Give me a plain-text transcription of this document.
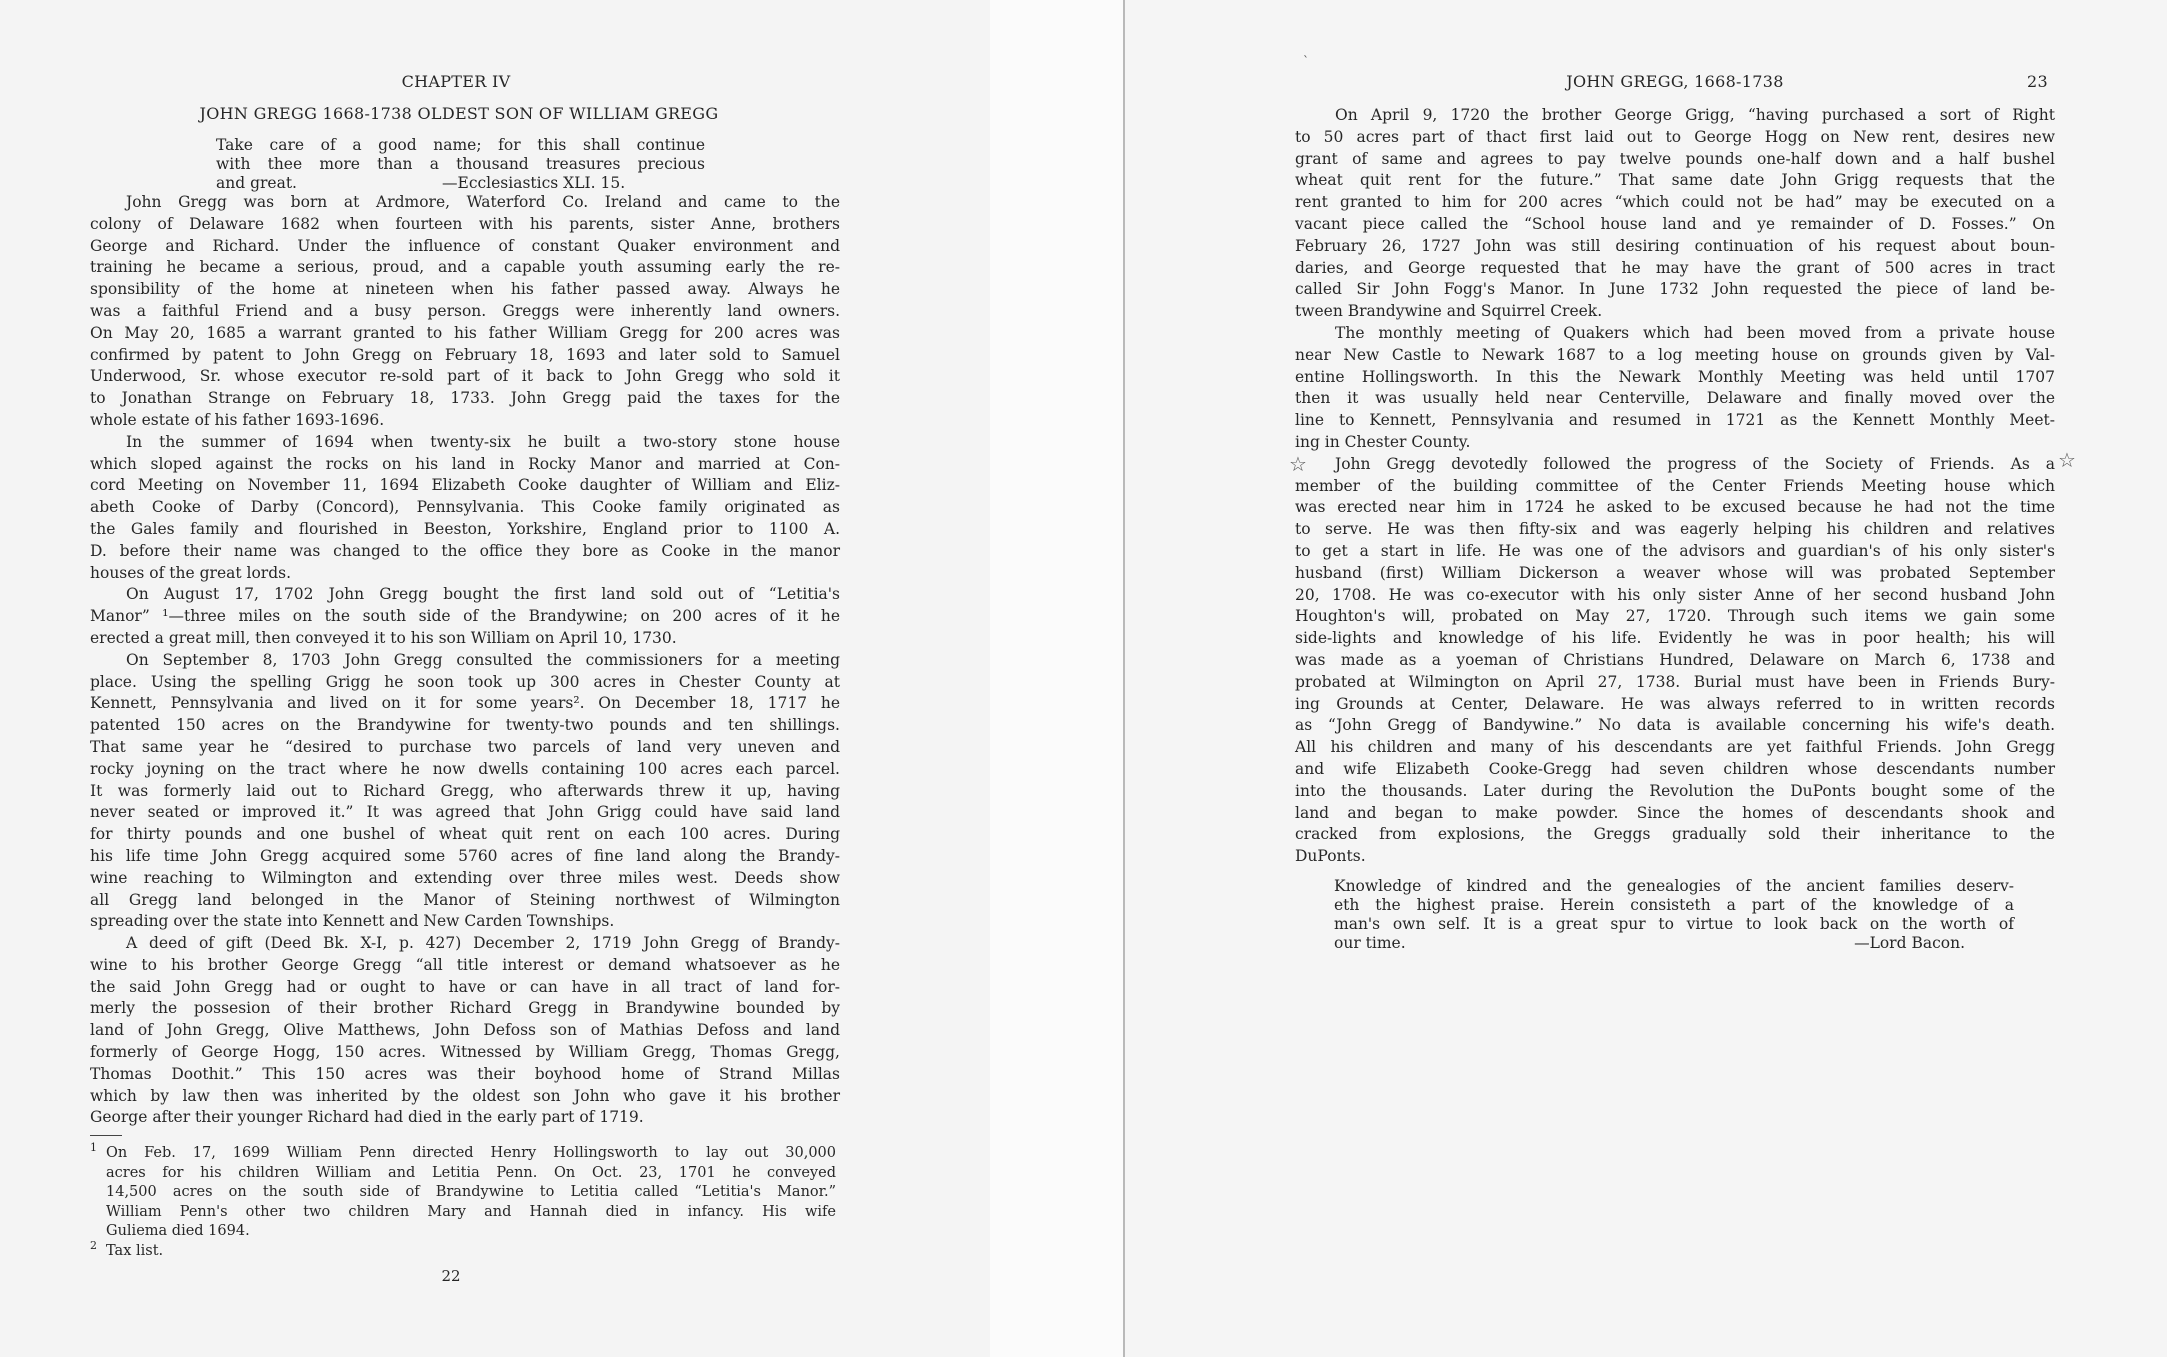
CHAPTER IV
JOHN GREGG 1668-1738 OLDEST SON OF WILLIAM GREGG
Take care of a good name; for this shall continue
with thee more than a thousand treasures precious
and great.	—Ecclesiastics XLI. 15.
John Gregg was born at Ardmore, Waterford Co. Ireland and came to the
colony of Delaware 1682 when fourteen with his parents, sister Anne, brothers
George and Richard. Under the influence of constant Quaker environment and
training he became a serious, proud, and a capable youth assuming early the re-
sponsibility of the home at nineteen when his father passed away. Always he
was a faithful Friend and a busy person. Greggs were inherently land owners.
On May 20, 1685 a warrant granted to his father William Gregg for 200 acres was
confirmed by patent to John Gregg on February 18, 1693 and later sold to Samuel
Underwood, Sr. whose executor re-sold part of it back to John Gregg who sold it
to Jonathan Strange on February 18, 1733. John Gregg paid the taxes for the
whole estate of his father 1693-1696.
In the summer of 1694 when twenty-six he built a two-story stone house
which sloped against the rocks on his land in Rocky Manor and married at Con-
cord Meeting on November 11, 1694 Elizabeth Cooke daughter of William and Eliz-
abeth Cooke of Darby (Concord), Pennsylvania. This Cooke family originated as
the Gales family and flourished in Beeston, Yorkshire, England prior to 1100 A.
D. before their name was changed to the office they bore as Cooke in the manor
houses of the great lords.
On August 17, 1702 John Gregg bought the first land sold out of “Letitia's
Manor” ¹—three miles on the south side of the Brandywine; on 200 acres of it he
erected a great mill, then conveyed it to his son William on April 10, 1730.
On September 8, 1703 John Gregg consulted the commissioners for a meeting
place. Using the spelling Grigg he soon took up 300 acres in Chester County at
Kennett, Pennsylvania and lived on it for some years². On December 18, 1717 he
patented 150 acres on the Brandywine for twenty-two pounds and ten shillings.
That same year he “desired to purchase two parcels of land very uneven and
rocky joyning on the tract where he now dwells containing 100 acres each parcel.
It was formerly laid out to Richard Gregg, who afterwards threw it up, having
never seated or improved it.” It was agreed that John Grigg could have said land
for thirty pounds and one bushel of wheat quit rent on each 100 acres. During
his life time John Gregg acquired some 5760 acres of fine land along the Brandy-
wine reaching to Wilmington and extending over three miles west. Deeds show
all Gregg land belonged in the Manor of Steining northwest of Wilmington
spreading over the state into Kennett and New Carden Townships.
A deed of gift (Deed Bk. X-I, p. 427) December 2, 1719 John Gregg of Brandy-
wine to his brother George Gregg “all title interest or demand whatsoever as he
the said John Gregg had or ought to have or can have in all tract of land for-
merly the possesion of their brother Richard Gregg in Brandywine bounded by
land of John Gregg, Olive Matthews, John Defoss son of Mathias Defoss and land
formerly of George Hogg, 150 acres. Witnessed by William Gregg, Thomas Gregg,
Thomas Doothit.” This 150 acres was their boyhood home of Strand Millas
which by law then was inherited by the oldest son John who gave it his brother
George after their younger Richard had died in the early part of 1719.
1 On Feb. 17, 1699 William Penn directed Henry Hollingsworth to lay out 30,000
acres for his children William and Letitia Penn. On Oct. 23, 1701 he conveyed
14,500 acres on the south side of Brandywine to Letitia called “Letitia's Manor.”
William Penn's other two children Mary and Hannah died in infancy. His wife
Guliema died 1694.
2 Tax list.
22
`
JOHN GREGG, 1668-1738	23
On April 9, 1720 the brother George Grigg, “having purchased a sort of Right
to 50 acres part of thact first laid out to George Hogg on New rent, desires new
grant of same and agrees to pay twelve pounds one-half down and a half bushel
wheat quit rent for the future.” That same date John Grigg requests that the
rent granted to him for 200 acres “which could not be had” may be executed on a
vacant piece called the “School house land and ye remainder of D. Fosses.” On
February 26, 1727 John was still desiring continuation of his request about boun-
daries, and George requested that he may have the grant of 500 acres in tract
called Sir John Fogg's Manor. In June 1732 John requested the piece of land be-
tween Brandywine and Squirrel Creek.
The monthly meeting of Quakers which had been moved from a private house
near New Castle to Newark 1687 to a log meeting house on grounds given by Val-
entine Hollingsworth. In this the Newark Monthly Meeting was held until 1707
then it was usually held near Centerville, Delaware and finally moved over the
line to Kennett, Pennsylvania and resumed in 1721 as the Kennett Monthly Meet-
ing in Chester County.
John Gregg devotedly followed the progress of the Society of Friends. As a
member of the building committee of the Center Friends Meeting house which
was erected near him in 1724 he asked to be excused because he had not the time
to serve. He was then fifty-six and was eagerly helping his children and relatives
to get a start in life. He was one of the advisors and guardian's of his only sister's
husband (first) William Dickerson a weaver whose will was probated September
20, 1708. He was co-executor with his only sister Anne of her second husband John
Houghton's will, probated on May 27, 1720. Through such items we gain some
side-lights and knowledge of his life. Evidently he was in poor health; his will
was made as a yoeman of Christians Hundred, Delaware on March 6, 1738 and
probated at Wilmington on April 27, 1738. Burial must have been in Friends Bury-
ing Grounds at Center, Delaware. He was always referred to in written records
as “John Gregg of Bandywine.” No data is available concerning his wife's death.
All his children and many of his descendants are yet faithful Friends. John Gregg
and wife Elizabeth Cooke-Gregg had seven children whose descendants number
into the thousands. Later during the Revolution the DuPonts bought some of the
land and began to make powder. Since the homes of descendants shook and
cracked from explosions, the Greggs gradually sold their inheritance to the
DuPonts.
☆	☆
Knowledge of kindred and the genealogies of the ancient families deserv-
eth the highest praise. Herein consisteth a part of the knowledge of a
man's own self. It is a great spur to virtue to look back on the worth of
our time.	—Lord Bacon.
